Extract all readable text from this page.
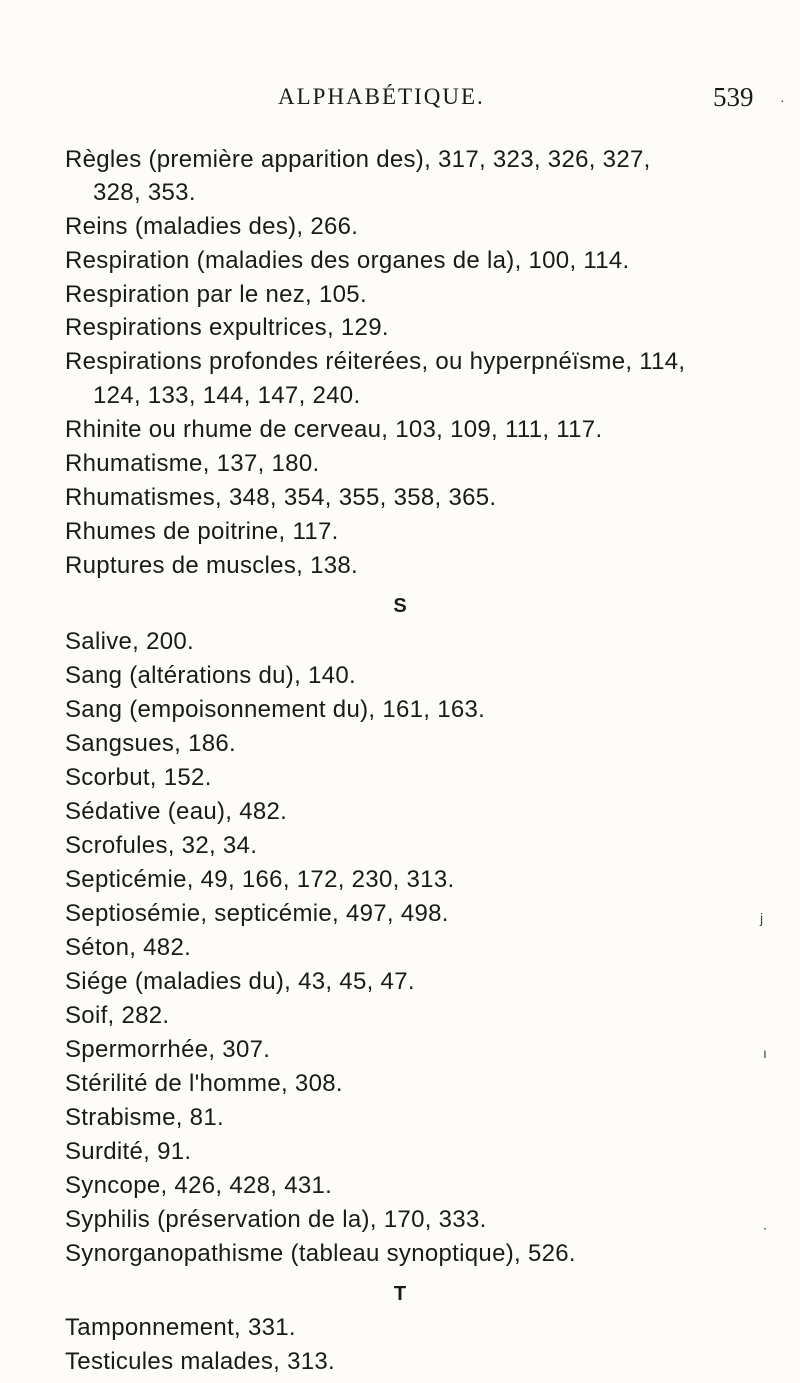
ALPHABÉTIQUE.	539
Règles (première apparition des), 317, 323, 326, 327,
328, 353.
Reins (maladies des), 266.
Respiration (maladies des organes de la), 100, 114.
Respiration par le nez, 105.
Respirations expultrices, 129.
Respirations profondes réiterées, ou hyperpnéïsme, 114,
124, 133, 144, 147, 240.
Rhinite ou rhume de cerveau, 103, 109, 111, 117.
Rhumatisme, 137, 180.
Rhumatismes, 348, 354, 355, 358, 365.
Rhumes de poitrine, 117.
Ruptures de muscles, 138.
S
Salive, 200.
Sang (altérations du), 140.
Sang (empoisonnement du), 161, 163.
Sangsues, 186.
Scorbut, 152.
Sédative (eau), 482.
Scrofules, 32, 34.
Septicémie, 49, 166, 172, 230, 313.
Septiosémie, septicémie, 497, 498.
Séton, 482.
Siége (maladies du), 43, 45, 47.
Soif, 282.
Spermorrhée, 307.
Stérilité de l'homme, 308.
Strabisme, 81.
Surdité, 91.
Syncope, 426, 428, 431.
Syphilis (préservation de la), 170, 333.
Synorganopathisme (tableau synoptique), 526.
T
Tamponnement, 331.
Testicules malades, 313.
j
ı
ˎ
·
